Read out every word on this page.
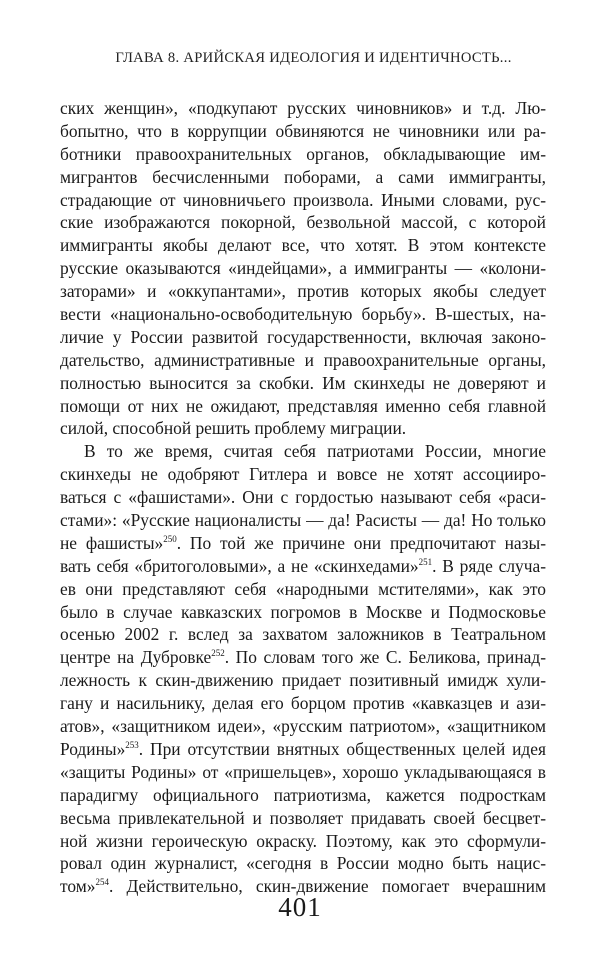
ГЛАВА 8. АРИЙСКАЯ ИДЕОЛОГИЯ И ИДЕНТИЧНОСТЬ...
ских женщин», «подкупают русских чиновников» и т.д. Лю-
бопытно, что в коррупции обвиняются не чиновники или ра-
ботники правоохранительных органов, обкладывающие им-
мигрантов бесчисленными поборами, а сами иммигранты,
страдающие от чиновничьего произвола. Иными словами, рус-
ские изображаются покорной, безвольной массой, с которой
иммигранты якобы делают все, что хотят. В этом контексте
русские оказываются «индейцами», а иммигранты — «колони-
заторами» и «оккупантами», против которых якобы следует
вести «национально-освободительную борьбу». В-шестых, на-
личие у России развитой государственности, включая законо-
дательство, административные и правоохранительные органы,
полностью выносится за скобки. Им скинхеды не доверяют и
помощи от них не ожидают, представляя именно себя главной
силой, способной решить проблему миграции.
В то же время, считая себя патриотами России, многие
скинхеды не одобряют Гитлера и вовсе не хотят ассоцииро-
ваться с «фашистами». Они с гордостью называют себя «раси-
стами»: «Русские националисты — да! Расисты — да! Но только
не фашисты»$^{250}$. По той же причине они предпочитают назы-
вать себя «бритоголовыми», а не «скинхедами»$^{251}$. В ряде случа-
ев они представляют себя «народными мстителями», как это
было в случае кавказских погромов в Москве и Подмосковье
осенью 2002 г. вслед за захватом заложников в Театральном
центре на Дубровке$^{252}$. По словам того же С. Беликова, принад-
лежность к скин-движению придает позитивный имидж хули-
гану и насильнику, делая его борцом против «кавказцев и ази-
атов», «защитником идеи», «русским патриотом», «защитником
Родины»$^{253}$. При отсутствии внятных общественных целей идея
«защиты Родины» от «пришельцев», хорошо укладывающаяся в
парадигму официального патриотизма, кажется подросткам
весьма привлекательной и позволяет придавать своей бесцвет-
ной жизни героическую окраску. Поэтому, как это сформули-
ровал один журналист, «сегодня в России модно быть нацис-
том»$^{254}$. Действительно, скин-движение помогает вчерашним
401
